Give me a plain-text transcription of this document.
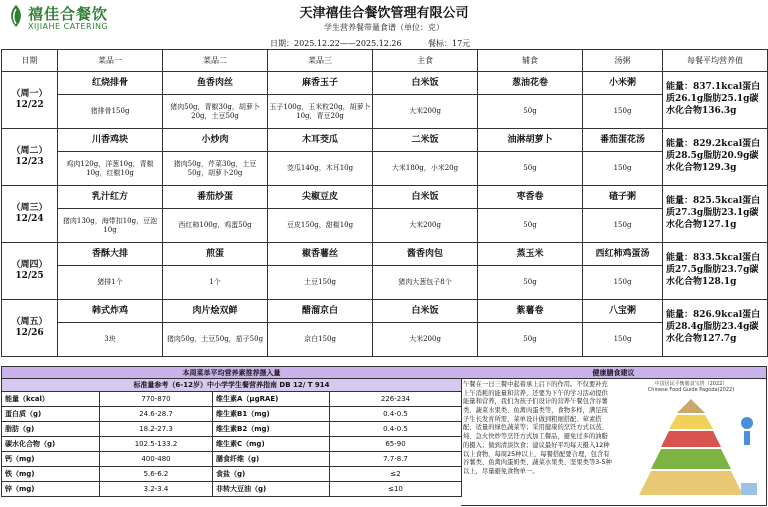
禧佳合餐饮
XIJIAHE CATERING
天津禧佳合餐饮管理有限公司
学生营养餐带量食谱（单位：克）
日期：2025.12.22——2025.12.26	餐标：17元
日期	菜品一	菜品二	菜品三	主食	辅食	汤粥	每餐平均营养值
（周一）12/22	红烧排骨	鱼香肉丝	麻香玉子	白米饭	葱油花卷	小米粥	能量：837.1kcal蛋白质26.1g脂肪25.1g碳水化合物136.3g
	猪排骨150g	猪肉50g，青椒30g，胡萝卜20g，土豆50g	玉子100g，玉米粒20g，胡萝卜10g，青豆20g	大米200g	50g	150g	
（周二）12/23	川香鸡块	小炒肉	木耳茭瓜	二米饭	油淋胡萝卜	番茄蛋花汤	能量：829.2kcal蛋白质28.5g脂肪20.9g碳水化合物129.3g
	鸡肉120g，洋葱10g，青椒10g，红椒10g	猪肉50g，芹菜30g，土豆50g，胡萝卜20g	茭瓜140g，木耳10g	大米180g，小米20g	50g	150g	
（周三）12/24	乳汁红方	番茄炒蛋	尖椒豆皮	白米饭	枣香卷	碴子粥	能量：825.5kcal蛋白质27.3g脂肪23.1g碳水化合物127.1g
	猪肉130g，海带扣10g，豆泡10g	西红柿100g，鸡蛋50g	豆皮150g，甜椒10g	大米200g	50g	150g	
（周四）12/25	香酥大排	煎蛋	椒香薯丝	酱香肉包	蒸玉米	西红柿鸡蛋汤	能量：833.5kcal蛋白质27.5g脂肪23.7g碳水化合物128.1g
	猪排1个	1个	土豆150g	猪肉大葱包子8个	50g	150g	
（周五）12/26	韩式炸鸡	肉片烩双鲜	醋溜京白	白米饭	紫薯卷	八宝粥	能量：826.9kcal蛋白质28.4g脂肪23.4g碳水化合物127.7g
	3块	猪肉50g，土豆50g，茄子50g	京白150g	大米200g	50g	150g	
本周菜单平均营养素推荐摄入量			
标准量参考（6-12岁）中小学学生餐营养指南 DB 12/ T 914			
能量（kcal）	770-870	维生素A（μgRAE)	226-234
蛋白质（g)	24.6-28.7	维生素B1（mg)	0.4-0.5
脂肪（g)	18.2-27.3	维生素B2（mg)	0.4-0.5
碳水化合物（g)	102.5-133.2	维生素C（mg)	65-90
钙（mg)	400-480	膳食纤维（g)	7.7-8.7
铁（mg)	5.6-6.2	食盐（g)	≤2
锌（mg)	3.2-3.4	非转大豆油（g)	≤10
健康膳食建议
午餐在一日三餐中起着承上启下的作用。不仅要补充上午消耗的能量和营养，还要为下午的学习活动提供能量和营养，我们为孩子们设计的营养午餐包含谷薯类、蔬菜水果类、鱼禽肉蛋类等，食物多样，满足孩子生长发育所需，菜单设计做到粗细搭配、荤素搭配、适量的绿色蔬菜等；采用健康的烹饪方式以蒸、炖、急火快炒等烹饪方式加工餐品，避免过多的油脂的摄入；做到清淡饮食；建议最好平均每天摄入12种以上食物，每周25种以上，每餐搭配要合理，包含有谷薯类、鱼禽肉蛋奶类、蔬菜水果类、坚果类等3-5种以上，尽量避免食物单一。
中国居民平衡膳食宝塔（2022）
Chinese Food Guide Pagoda(2022)
